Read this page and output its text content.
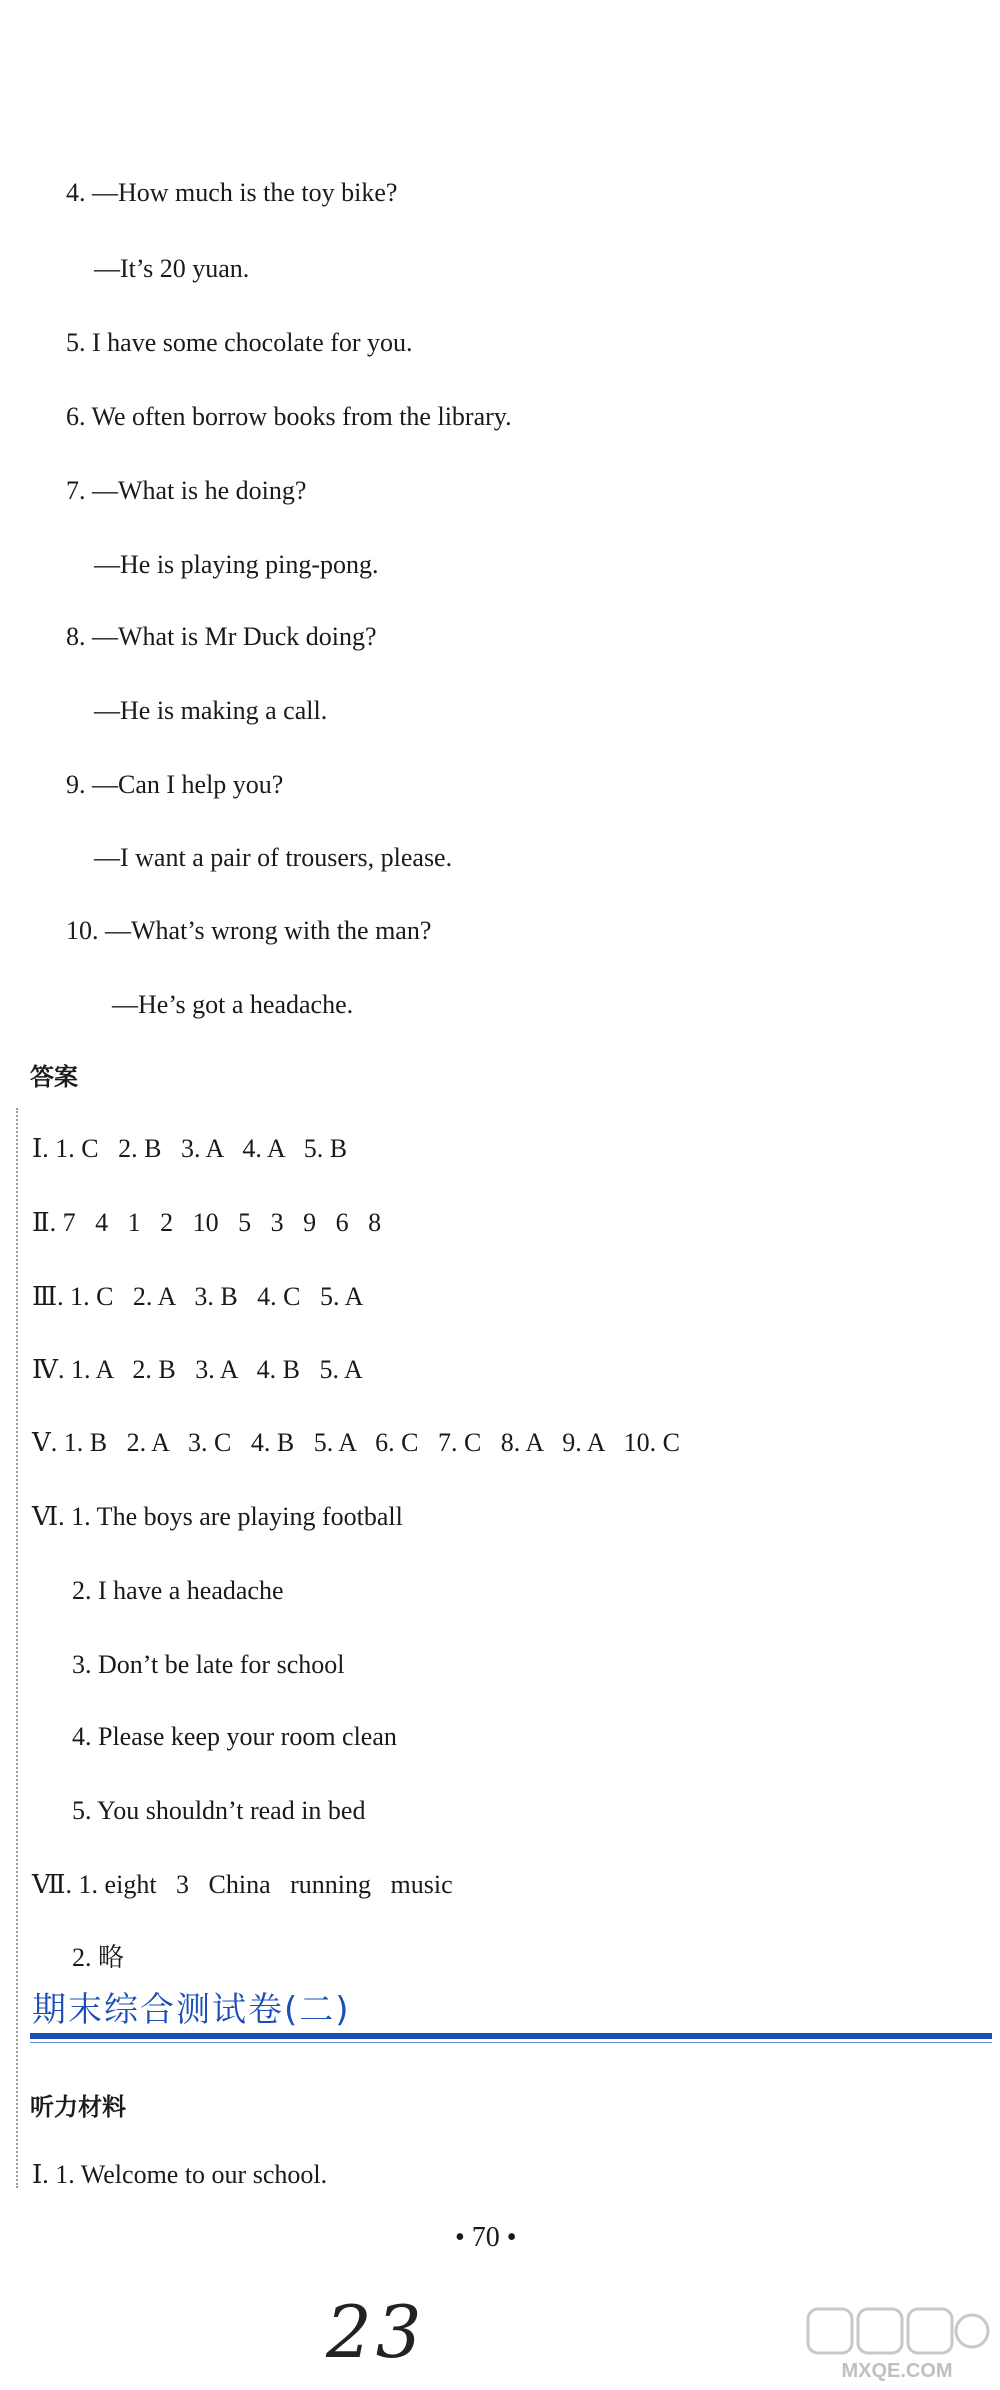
4. —How much is the toy bike?
—It’s 20 yuan.
5. I have some chocolate for you.
6. We often borrow books from the library.
7. —What is he doing?
—He is playing ping-pong.
8. —What is Mr Duck doing?
—He is making a call.
9. —Can I help you?
—I want a pair of trousers, please.
10. —What’s wrong with the man?
—He’s got a headache.
答案
Ⅰ. 1. C   2. B   3. A   4. A   5. B
Ⅱ. 7   4   1   2   10   5   3   9   6   8
Ⅲ. 1. C   2. A   3. B   4. C   5. A
Ⅳ. 1. A   2. B   3. A   4. B   5. A
Ⅴ. 1. B   2. A   3. C   4. B   5. A   6. C   7. C   8. A   9. A   10. C
Ⅵ. 1. The boys are playing football
2. I have a headache
3. Don’t be late for school
4. Please keep your room clean
5. You shouldn’t read in bed
Ⅶ. 1. eight   3   China   running   music
2. 略
期末综合测试卷(二)
听力材料
Ⅰ. 1. Welcome to our school.
• 70 •
23	MXQE.COM
